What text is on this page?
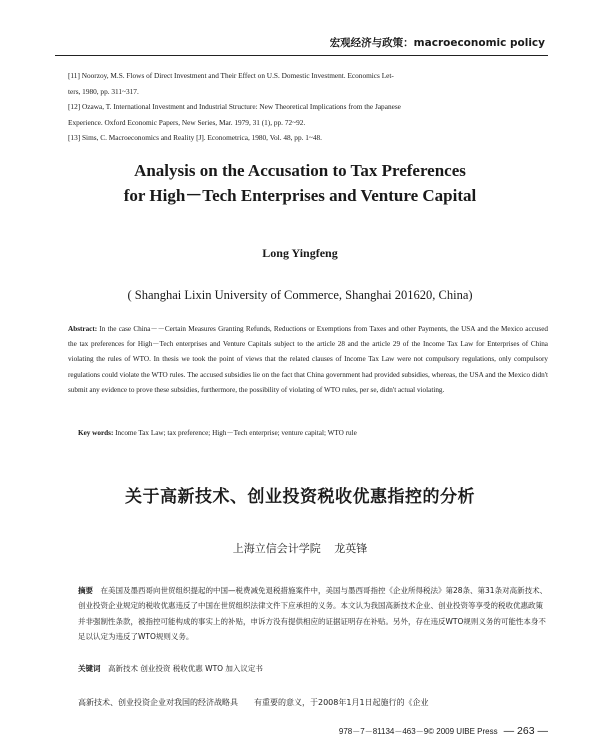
宏观经济与政策：macroeconomic policy

[11] Noorzoy, M.S. Flows of Direct Investment and Their Effect on U.S. Domestic Investment. Economics Let-
ters, 1980, pp. 311~317.

[12] Ozawa, T. International Investment and Industrial Structure: New Theoretical Implications from the Japanese
Experience. Oxford Economic Papers, New Series, Mar. 1979, 31 (1), pp. 72~92.

[13] Sims, C. Macroeconomics and Reality [J]. Econometrica, 1980, Vol. 48, pp. 1~48.

Analysis on the Accusation to Tax Preferences
for High－Tech Enterprises and Venture Capital
Long Yingfeng
( Shanghai Lixin University of Commerce, Shanghai 201620, China)
Abstract: In the case China－－Certain Measures Granting Refunds, Reductions or Exemptions from Taxes and other Payments, the USA and the Mexico accused the tax preferences for High－Tech enterprises and Venture Capitals subject to the article 28 and the article 29 of the Income Tax Law for Enterprises of China violating the rules of WTO. In thesis we took the point of views that the related clauses of Income Tax Law were not compulsory regulations, only compulsory regulations could violate the WTO rules. The accused subsidies lie on the fact that China government had provided subsidies, whereas, the USA and the Mexico didn't submit any evidence to prove these subsidies, furthermore, the possibility of violating of WTO rules, per se, didn't actual violating.
Key words: Income Tax Law; tax preference; High－Tech enterprise; venture capital; WTO rule
关于高新技术、创业投资税收优惠指控的分析
上海立信会计学院 龙英锋
摘要　 在美国及墨西哥向世贸组织提起的中国—税费减免退税措施案件中，美国与墨西哥指控《企业所得税法》第28条、第31条对高新技术、创业投资企业规定的税收优惠违反了中国在世贸组织法律文件下应承担的义务。本文认为我国高新技术企业、创业投资等享受的税收优惠政策并非强制性条款，被指控可能构成的事实上的补贴，申诉方没有提供相应的证据证明存在补贴。另外，存在违反WTO规则义务的可能性本身不足以认定为违反了WTO规则义务。
关键词　 高新技术 创业投资 税收优惠 WTO 加入议定书
高新技术、创业投资企业对我国的经济战略具　　有重要的意义，于2008年1月1日起施行的《企业
978－7－81134－463－9© 2009 UIBE Press — 263 —
